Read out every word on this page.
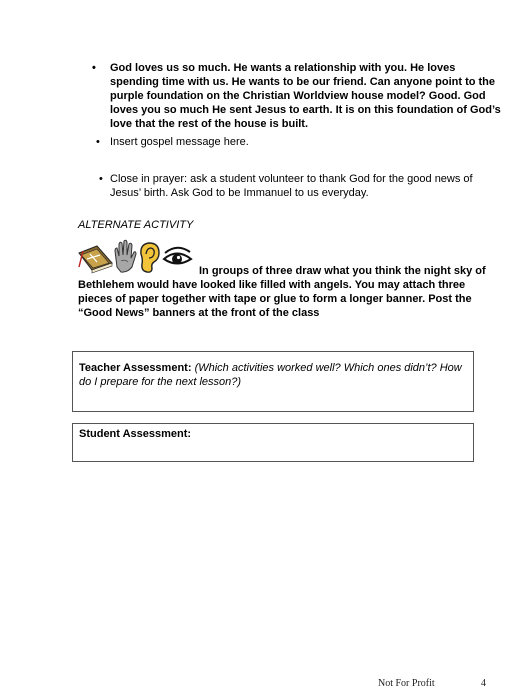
• God loves us so much. He wants a relationship with you. He loves spending time with us. He wants to be our friend. Can anyone point to the purple foundation on the Christian Worldview house model? Good. God loves you so much He sent Jesus to earth. It is on this foundation of God’s love that the rest of the house is built.
• Insert gospel message here.
• Close in prayer: ask a student volunteer to thank God for the good news of Jesus’ birth. Ask God to be Immanuel to us everyday.
ALTERNATE ACTIVITY
In groups of three draw what you think the night sky of Bethlehem would have looked like filled with angels. You may attach three pieces of paper together with tape or glue to form a longer banner. Post the “Good News” banners at the front of the class
Teacher Assessment: (Which activities worked well? Which ones didn’t? How do I prepare for the next lesson?)
Student Assessment:
Not For Profit	4
